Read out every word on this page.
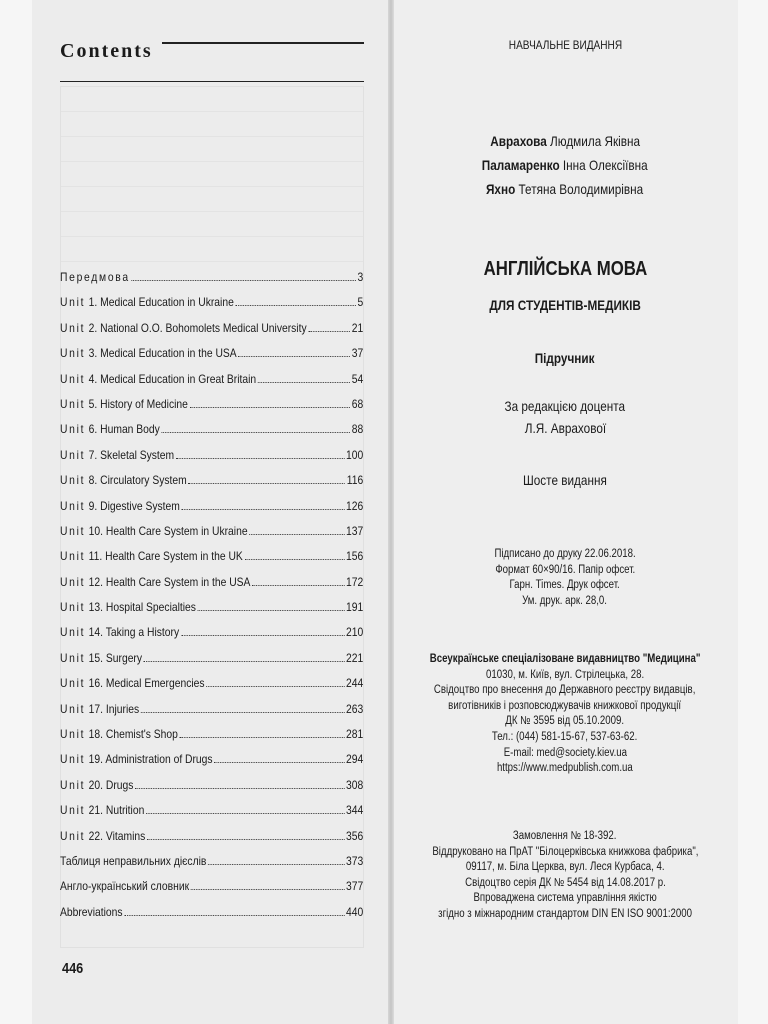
Contents
Передмова	3
Unit 1. Medical Education in Ukraine	5
Unit 2. National O.O. Bohomolets Medical University	21
Unit 3. Medical Education in the USA	37
Unit 4. Medical Education in Great Britain	54
Unit 5. History of Medicine	68
Unit 6. Human Body	88
Unit 7. Skeletal System	100
Unit 8. Circulatory System	116
Unit 9. Digestive System	126
Unit 10. Health Care System in Ukraine	137
Unit 11. Health Care System in the UK	156
Unit 12. Health Care System in the USA	172
Unit 13. Hospital Specialties	191
Unit 14. Taking a History	210
Unit 15. Surgery	221
Unit 16. Medical Emergencies	244
Unit 17. Injuries	263
Unit 18. Chemist's Shop	281
Unit 19. Administration of Drugs	294
Unit 20. Drugs	308
Unit 21. Nutrition	344
Unit 22. Vitamins	356
Таблиця неправильних дієслів	373
Англо-український словник	377
Abbreviations	440
446
НАВЧАЛЬНЕ ВИДАННЯ
Аврахова Людмила Яківна
Паламаренко Інна Олексіївна
Яхно Тетяна Володимирівна
АНГЛІЙСЬКА МОВА
ДЛЯ СТУДЕНТІВ-МЕДИКІВ
Підручник
За редакцією доцента
Л.Я. Авраховоï
Шосте видання
Підписано до друку 22.06.2018.
Формат 60×90/16. Папір офсет.
Гарн. Times. Друк офсет.
Ум. друк. арк. 28,0.
Всеукраїнське спеціалізоване видавництво "Медицина"
01030, м. Київ, вул. Стрілецька, 28.
Свідоцтво про внесення до Державного реєстру видавців,
виготівників і розповсюджувачів книжкової продукції
ДК № 3595 від 05.10.2009.
Тел.: (044) 581-15-67, 537-63-62.
E-mail: med@society.kiev.ua
https://www.medpublish.com.ua
Замовлення № 18-392.
Віддруковано на ПрАТ "Білоцерківська книжкова фабрика",
09117, м. Біла Церква, вул. Леся Курбаса, 4.
Свідоцтво серія ДК № 5454 від 14.08.2017 р.
Впроваджена система управління якістю
згідно з міжнародним стандартом DIN EN ISO 9001:2000
